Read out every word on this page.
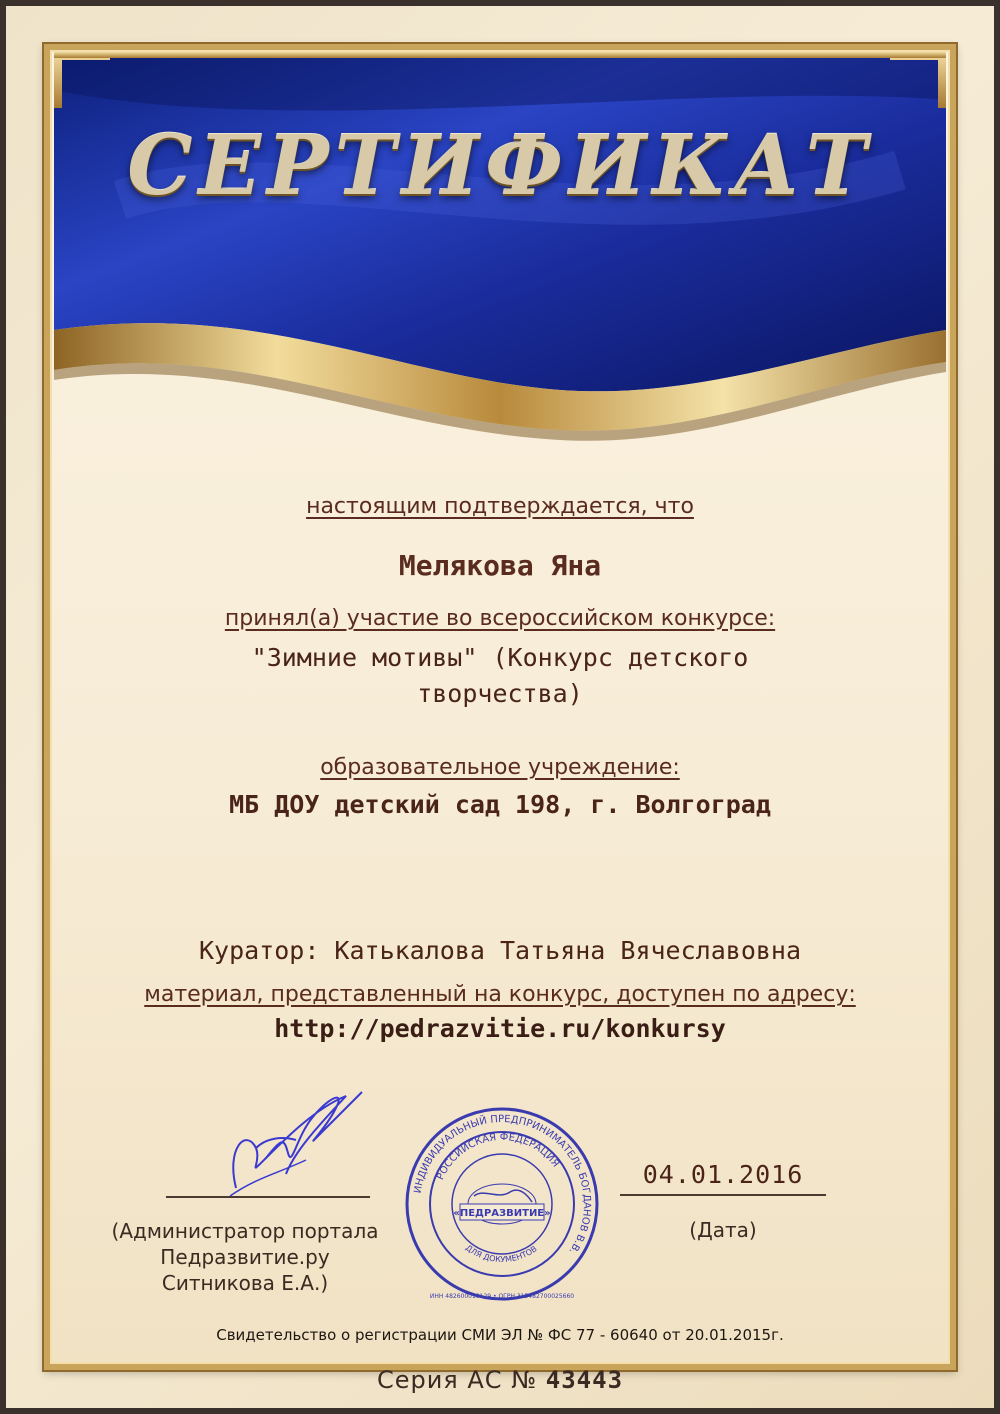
СЕРТИФИКАТ
настоящим подтверждается, что
Мелякова Яна
принял(а) участие во всероссийском конкурсе:
"Зимние мотивы" (Конкурс детского творчества)
образовательное учреждение:
МБ ДОУ детский сад 198, г. Волгоград
Куратор: Катькалова Татьяна Вячеславовна
материал, представленный на конкурс, доступен по адресу:
http://pedrazvitie.ru/konkursy
(Администратор портала
Педразвитие.ру
Ситникова Е.А.)
ИНДИВИДУАЛЬНЫЙ ПРЕДПРИНИМАТЕЛЬ БОГДАНОВ В.В.
РОССИЙСКАЯ ФЕДЕРАЦИЯ
ДЛЯ ДОКУМЕНТОВ
«ПЕДРАЗВИТИЕ»
ИНН 482600019129 • ОГРН 315482700025660
04.01.2016
(Дата)
Свидетельство о регистрации СМИ ЭЛ № ФС 77 - 60640 от 20.01.2015г.
Серия АС № 43443
